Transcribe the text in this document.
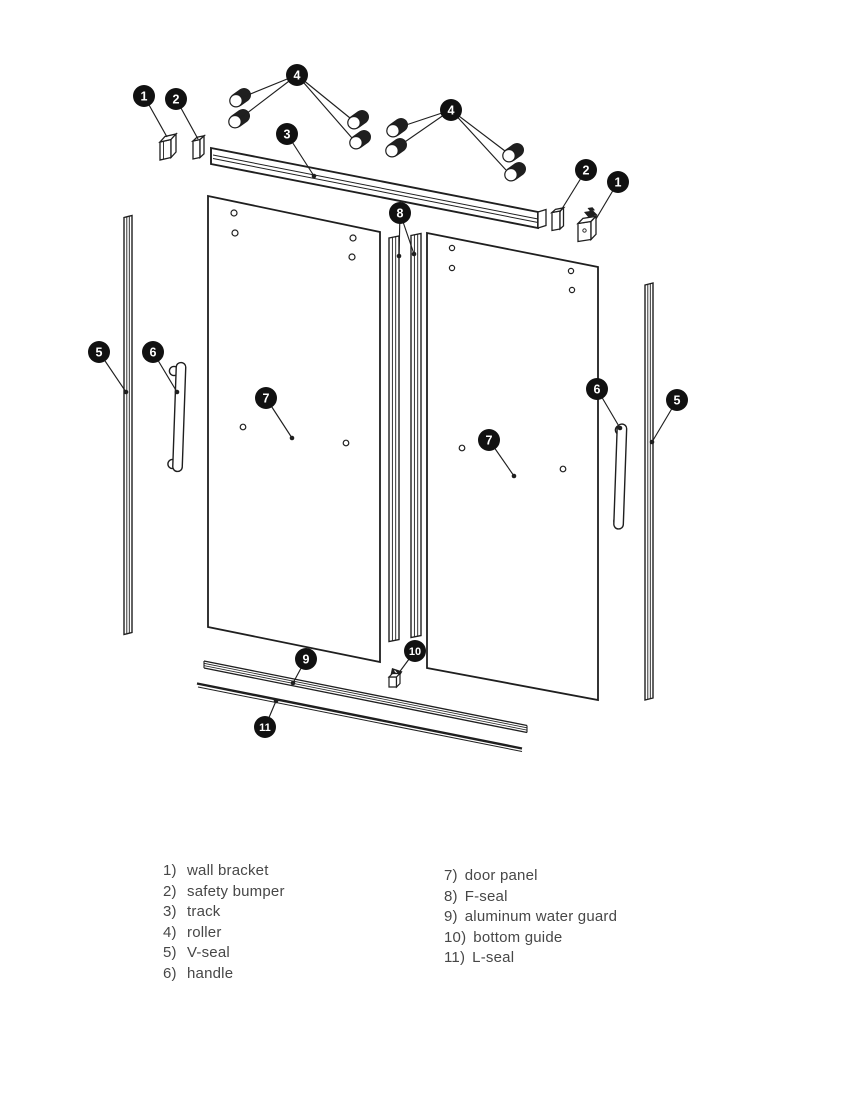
1 2
4
3
4
2
1
8
5	6
7
7
6
5
9
10
11
1) wall bracket
2) safety bumper
3) track
4) roller
5) V-seal
6) handle
7) door panel
8) F-seal
9) aluminum water guard
10) bottom guide
11) L-seal
